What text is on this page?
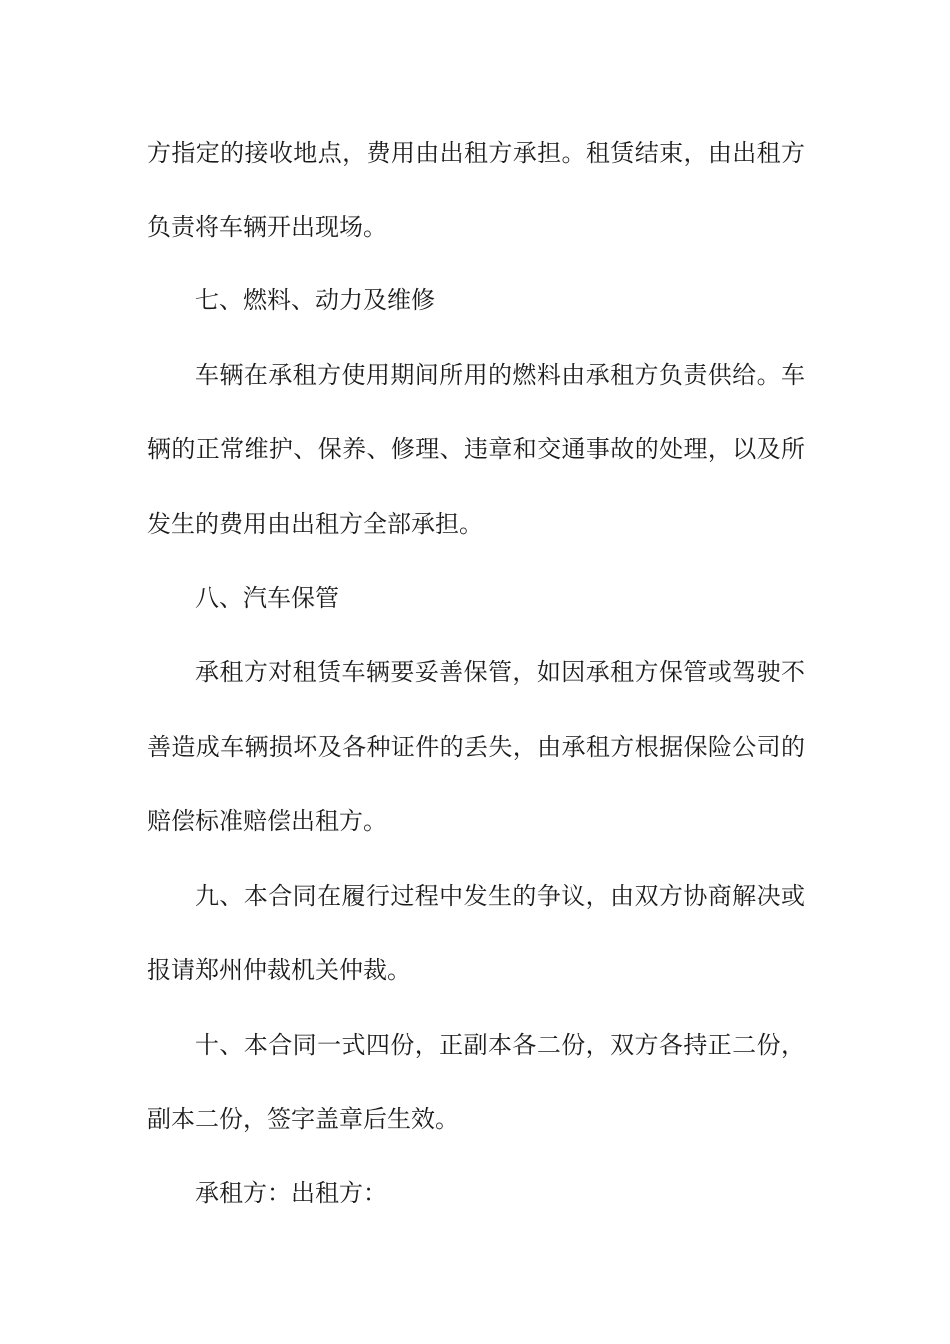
方指定的接收地点，费用由出租方承担。租赁结束，由出租方
负责将车辆开出现场。
七、燃料、动力及维修
车辆在承租方使用期间所用的燃料由承租方负责供给。车
辆的正常维护、保养、修理、违章和交通事故的处理，以及所
发生的费用由出租方全部承担。
八、汽车保管
承租方对租赁车辆要妥善保管，如因承租方保管或驾驶不
善造成车辆损坏及各种证件的丢失，由承租方根据保险公司的
赔偿标准赔偿出租方。
九、本合同在履行过程中发生的争议，由双方协商解决或
报请郑州仲裁机关仲裁。
十、本合同一式四份，正副本各二份，双方各持正二份，
副本二份，签字盖章后生效。
承租方：出租方：
